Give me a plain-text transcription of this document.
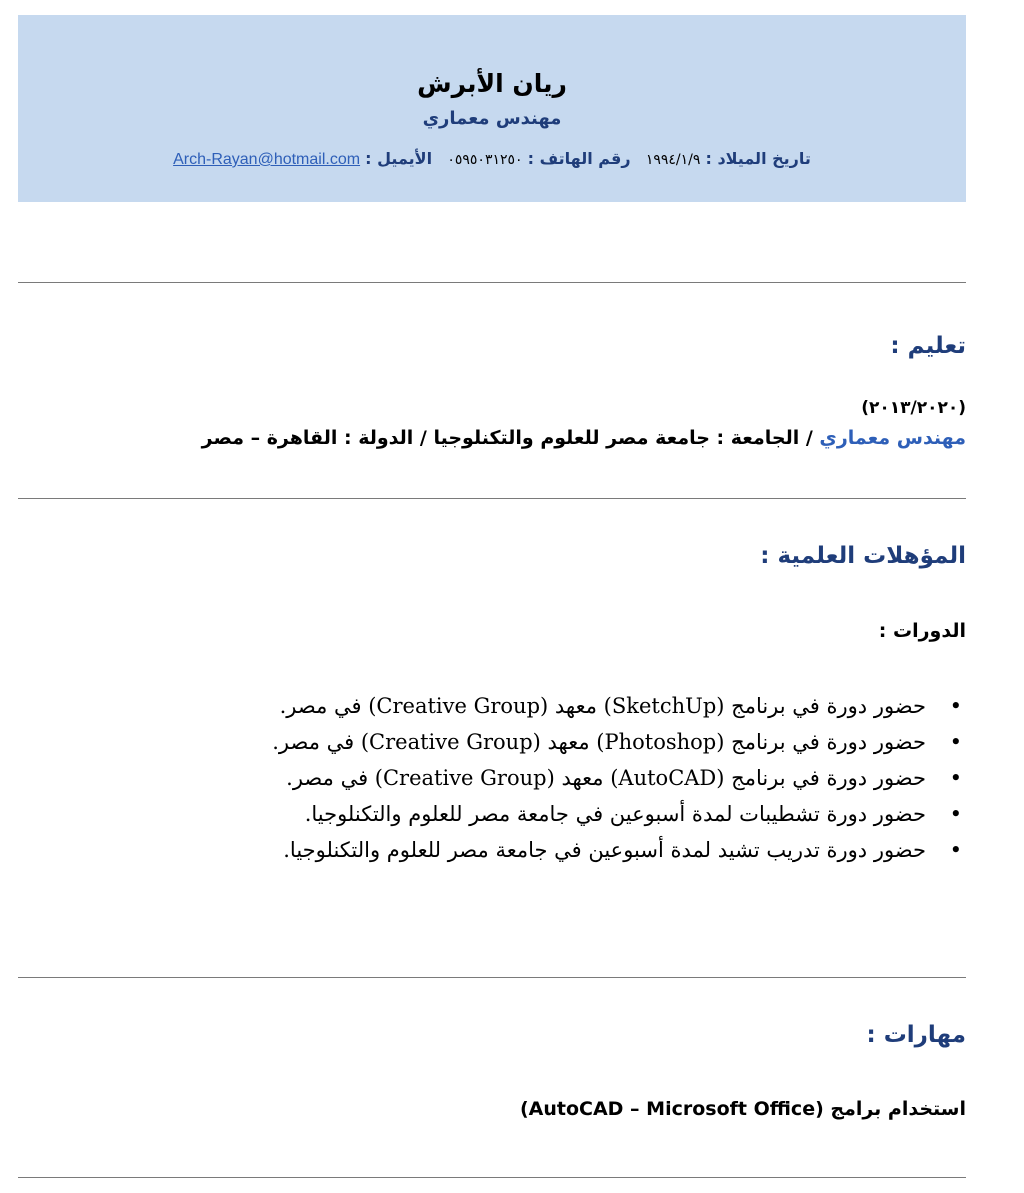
ريان الأبرش
مهندس معماري
تاريخ الميلاد : ١٩٩٤/١/٩   رقم الهاتف : ٠٥٩٥٠٣١٢٥٠   الأيميل : Arch-Rayan@hotmail.com
تعليم :
(٢٠١٣/٢٠٢٠)
مهندس معماري / الجامعة : جامعة مصر للعلوم والتكنلوجيا / الدولة : القاهرة – مصر
المؤهلات العلمية :
الدورات :
•
حضور دورة في برنامج (SketchUp) معهد (Creative Group) في مصر.
•
حضور دورة في برنامج (Photoshop) معهد (Creative Group) في مصر.
•
حضور دورة في برنامج (AutoCAD) معهد (Creative Group) في مصر.
•
حضور دورة تشطيبات لمدة أسبوعين في جامعة مصر للعلوم والتكنلوجيا.
•
حضور دورة تدريب تشيد لمدة أسبوعين في جامعة مصر للعلوم والتكنلوجيا.
مهارات :
استخدام برامج (AutoCAD – Microsoft Office)
